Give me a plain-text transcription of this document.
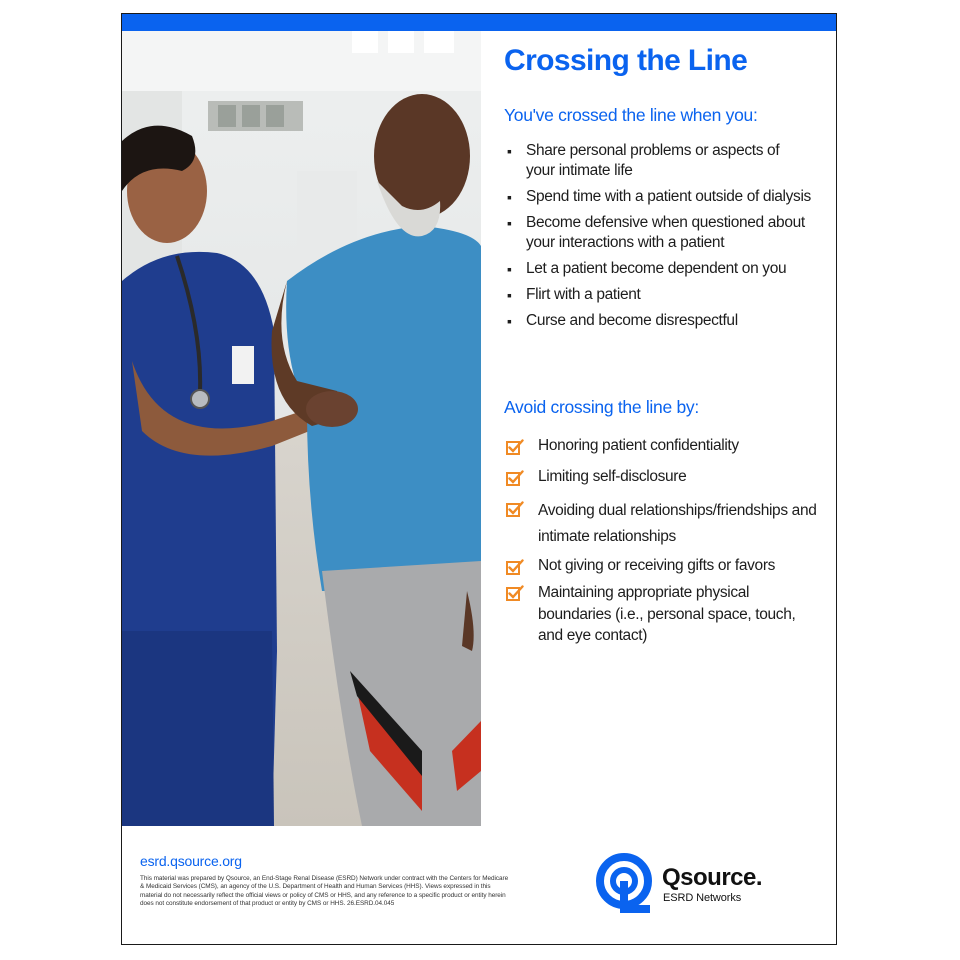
Crossing the Line
You've crossed the line when you:
▪ Share personal problems or aspects of your intimate life
▪ Spend time with a patient outside of dialysis
▪ Become defensive when questioned about your interactions with a patient
▪ Let a patient become dependent on you
▪ Flirt with a patient
▪ Curse and become disrespectful
Avoid crossing the line by:
Honoring patient confidentiality
Limiting self-disclosure
Avoiding dual relationships/friendships and intimate relationships
Not giving or receiving gifts or favors
Maintaining appropriate physical boundaries (i.e., personal space, touch, and eye contact)
esrd.qsource.org
This material was prepared by Qsource, an End-Stage Renal Disease (ESRD) Network under contract with the Centers for Medicare & Medicaid Services (CMS), an agency of the U.S. Department of Health and Human Services (HHS). Views expressed in this material do not necessarily reflect the official views or policy of CMS or HHS, and any reference to a specific product or entity herein does not constitute endorsement of that product or entity by CMS or HHS. 26.ESRD.04.045
Qsource.
ESRD Networks
